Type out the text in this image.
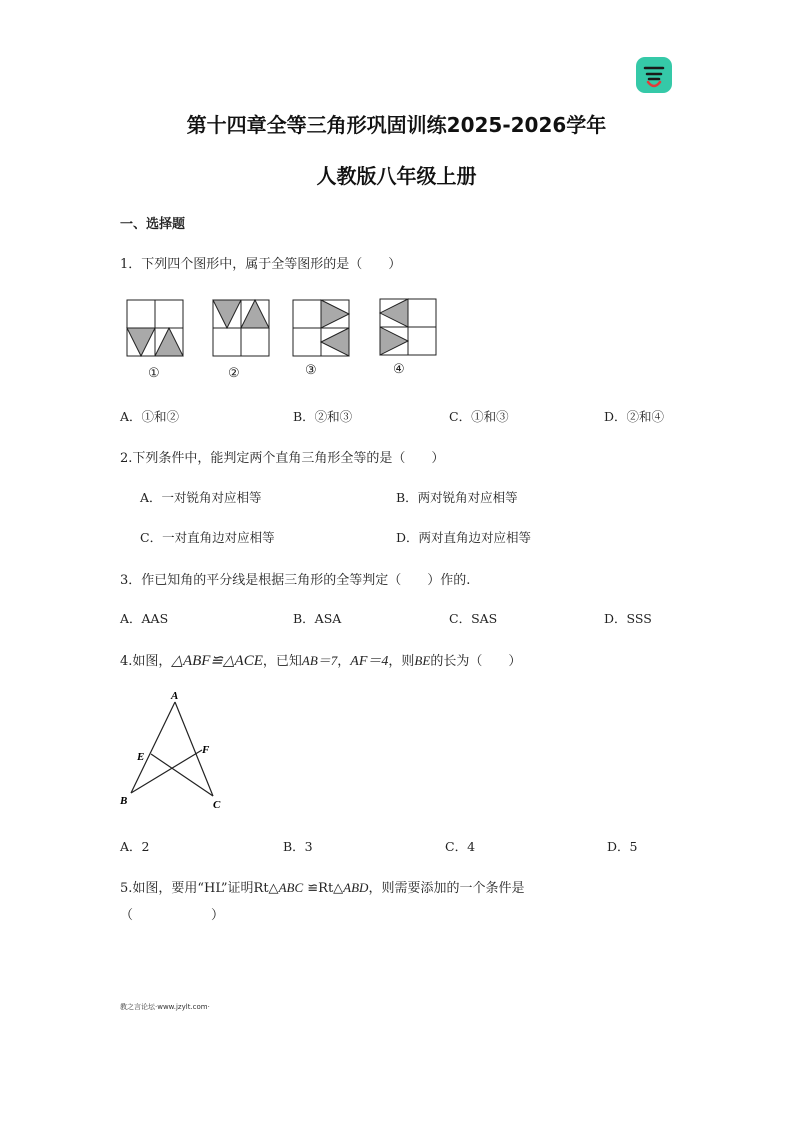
第十四章全等三角形巩固训练2025-2026学年
人教版八年级上册
一、选择题
1．下列四个图形中，属于全等图形的是（　　）
①	②	③	④
A．①和②	B．②和③	C．①和③	D．②和④
2.下列条件中，能判定两个直角三角形全等的是（　　）
A．一对锐角对应相等	B．两对锐角对应相等
C．一对直角边对应相等	D．两对直角边对应相等
3．作已知角的平分线是根据三角形的全等判定（　　）作的.
A．AAS	B．ASA	C．SAS	D．SSS
4.如图，△ABF≌△ACE，已知AB＝7，AF＝4，则BE的长为（　　）
A
E
F
B	C
A．2	B．3	C．4	D．5
5.如图，要用“HL”证明Rt△ABC ≌Rt△ABD，则需要添加的一个条件是
（　　　　　　）
教之言论坛·www.jzylt.com·
